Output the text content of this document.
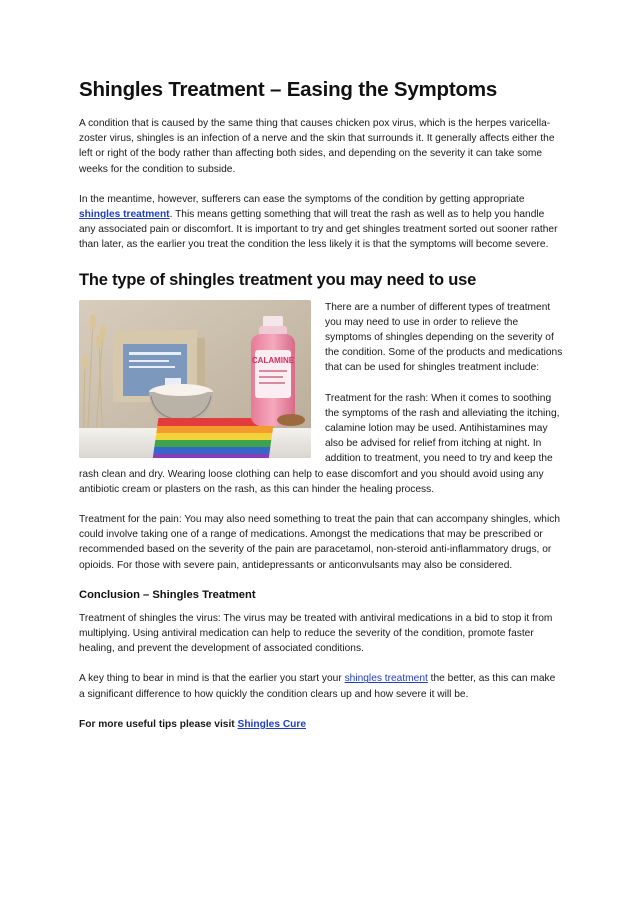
Shingles Treatment – Easing the Symptoms

A condition that is caused by the same thing that causes chicken pox virus, which is the herpes varicella-zoster virus, shingles is an infection of a nerve and the skin that surrounds it. It generally affects either the left or right of the body rather than affecting both sides, and depending on the severity it can take some weeks for the condition to subside.

In the meantime, however, sufferers can ease the symptoms of the condition by getting appropriate shingles treatment. This means getting something that will treat the rash as well as to help you handle any associated pain or discomfort. It is important to try and get shingles treatment sorted out sooner rather than later, as the earlier you treat the condition the less likely it is that the symptoms will become severe.

The type of shingles treatment you may need to use
CALAMINE

There are a number of different types of treatment you may need to use in order to relieve the symptoms of shingles depending on the severity of the condition. Some of the products and medications that can be used for shingles treatment include:

Treatment for the rash: When it comes to soothing the symptoms of the rash and alleviating the itching, calamine lotion may be used. Antihistamines may also be advised for relief from itching at night. In addition to treatment, you need to try and keep the rash clean and dry. Wearing loose clothing can help to ease discomfort and you should avoid using any antibiotic cream or plasters on the rash, as this can hinder the healing process.

Treatment for the pain: You may also need something to treat the pain that can accompany shingles, which could involve taking one of a range of medications. Amongst the medications that may be prescribed or recommended based on the severity of the pain are paracetamol, non-steroid anti-inflammatory drugs, or opioids. For those with severe pain, antidepressants or anticonvulsants may also be considered.

Conclusion – Shingles Treatment

Treatment of shingles the virus: The virus may be treated with antiviral medications in a bid to stop it from multiplying. Using antiviral medication can help to reduce the severity of the condition, promote faster healing, and prevent the development of associated conditions.

A key thing to bear in mind is that the earlier you start your shingles treatment the better, as this can make a significant difference to how quickly the condition clears up and how severe it will be.

For more useful tips please visit Shingles Cure
